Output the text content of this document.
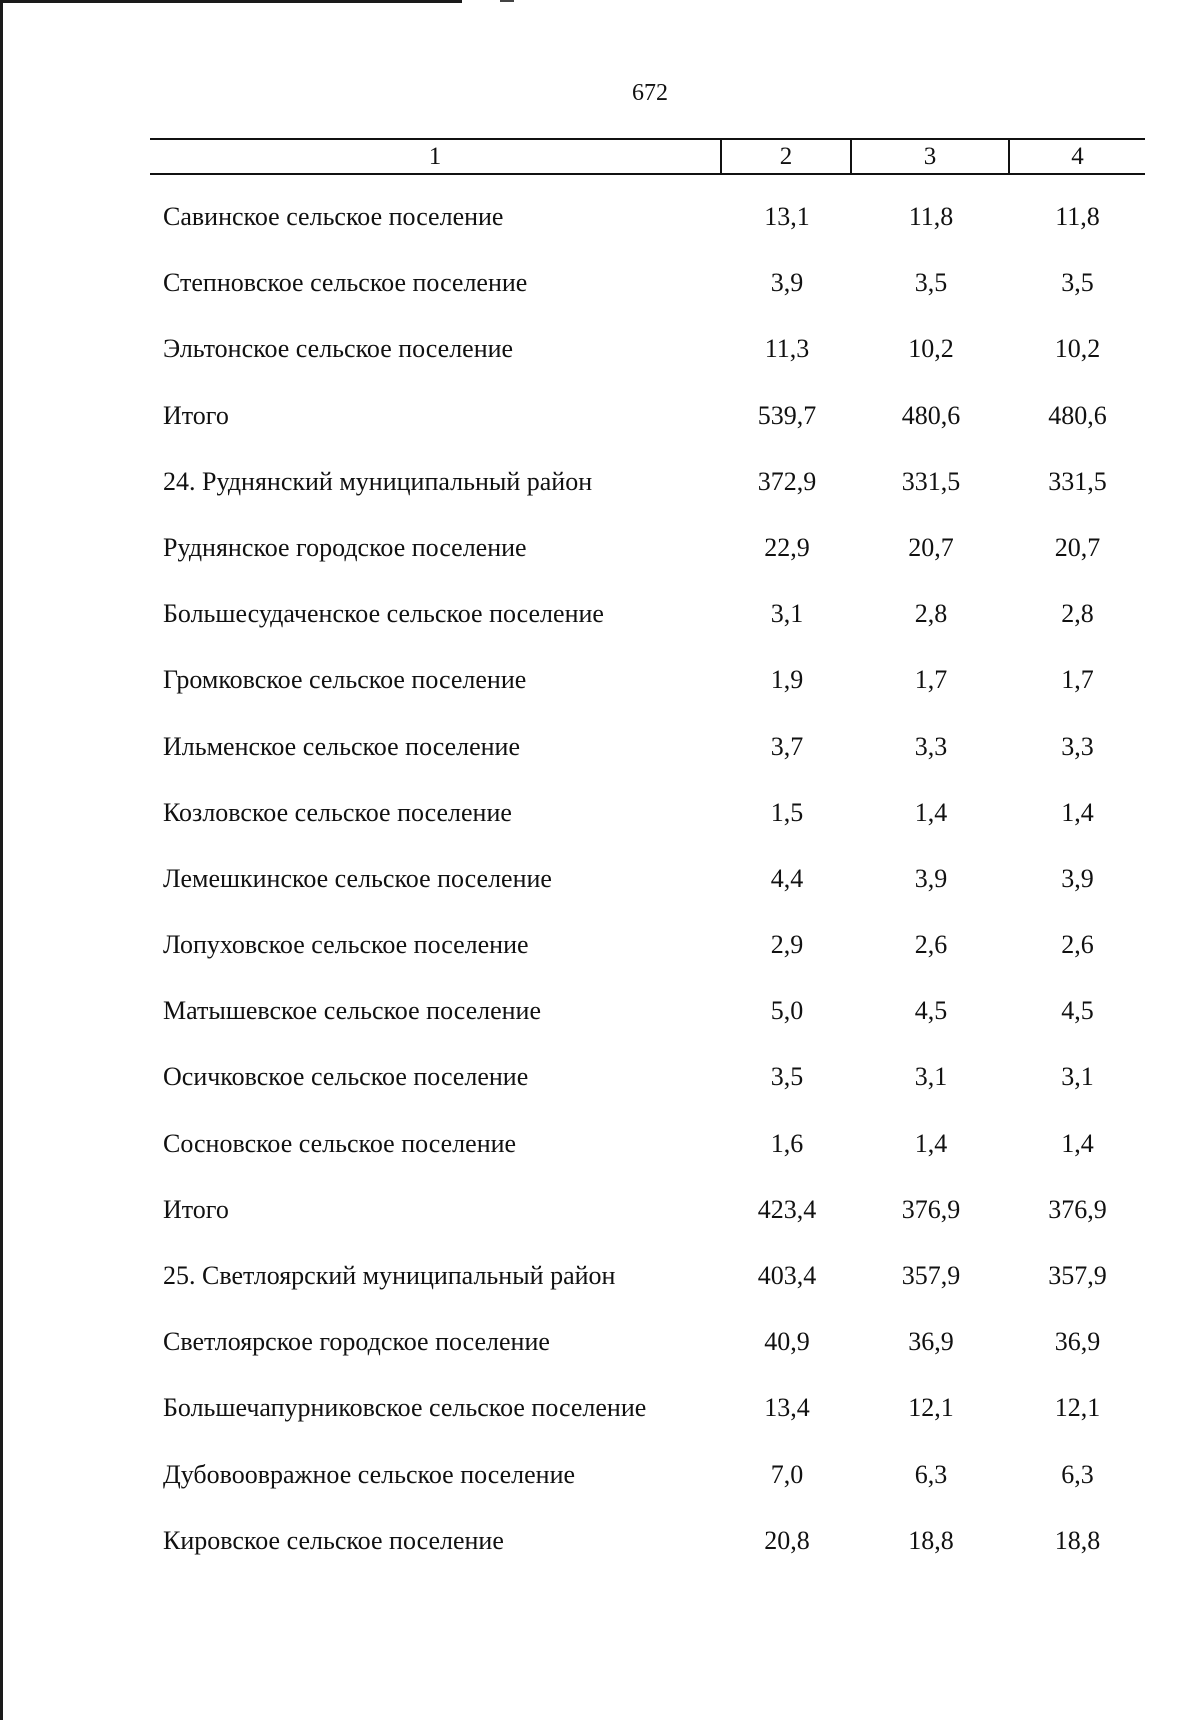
672
1	2	3	4
Савинское сельское поселение	13,1	11,8	11,8
Степновское сельское поселение	3,9	3,5	3,5
Эльтонское сельское поселение	11,3	10,2	10,2
Итого	539,7	480,6	480,6
24. Руднянский муниципальный район	372,9	331,5	331,5
Руднянское городское поселение	22,9	20,7	20,7
Большесудаченское сельское поселение	3,1	2,8	2,8
Громковское сельское поселение	1,9	1,7	1,7
Ильменское сельское поселение	3,7	3,3	3,3
Козловское сельское поселение	1,5	1,4	1,4
Лемешкинское сельское поселение	4,4	3,9	3,9
Лопуховское сельское поселение	2,9	2,6	2,6
Матышевское сельское поселение	5,0	4,5	4,5
Осичковское сельское поселение	3,5	3,1	3,1
Сосновское сельское поселение	1,6	1,4	1,4
Итого	423,4	376,9	376,9
25. Светлоярский муниципальный район	403,4	357,9	357,9
Светлоярское городское поселение	40,9	36,9	36,9
Большечапурниковское сельское поселение	13,4	12,1	12,1
Дубовоовражное сельское поселение	7,0	6,3	6,3
Кировское сельское поселение	20,8	18,8	18,8
